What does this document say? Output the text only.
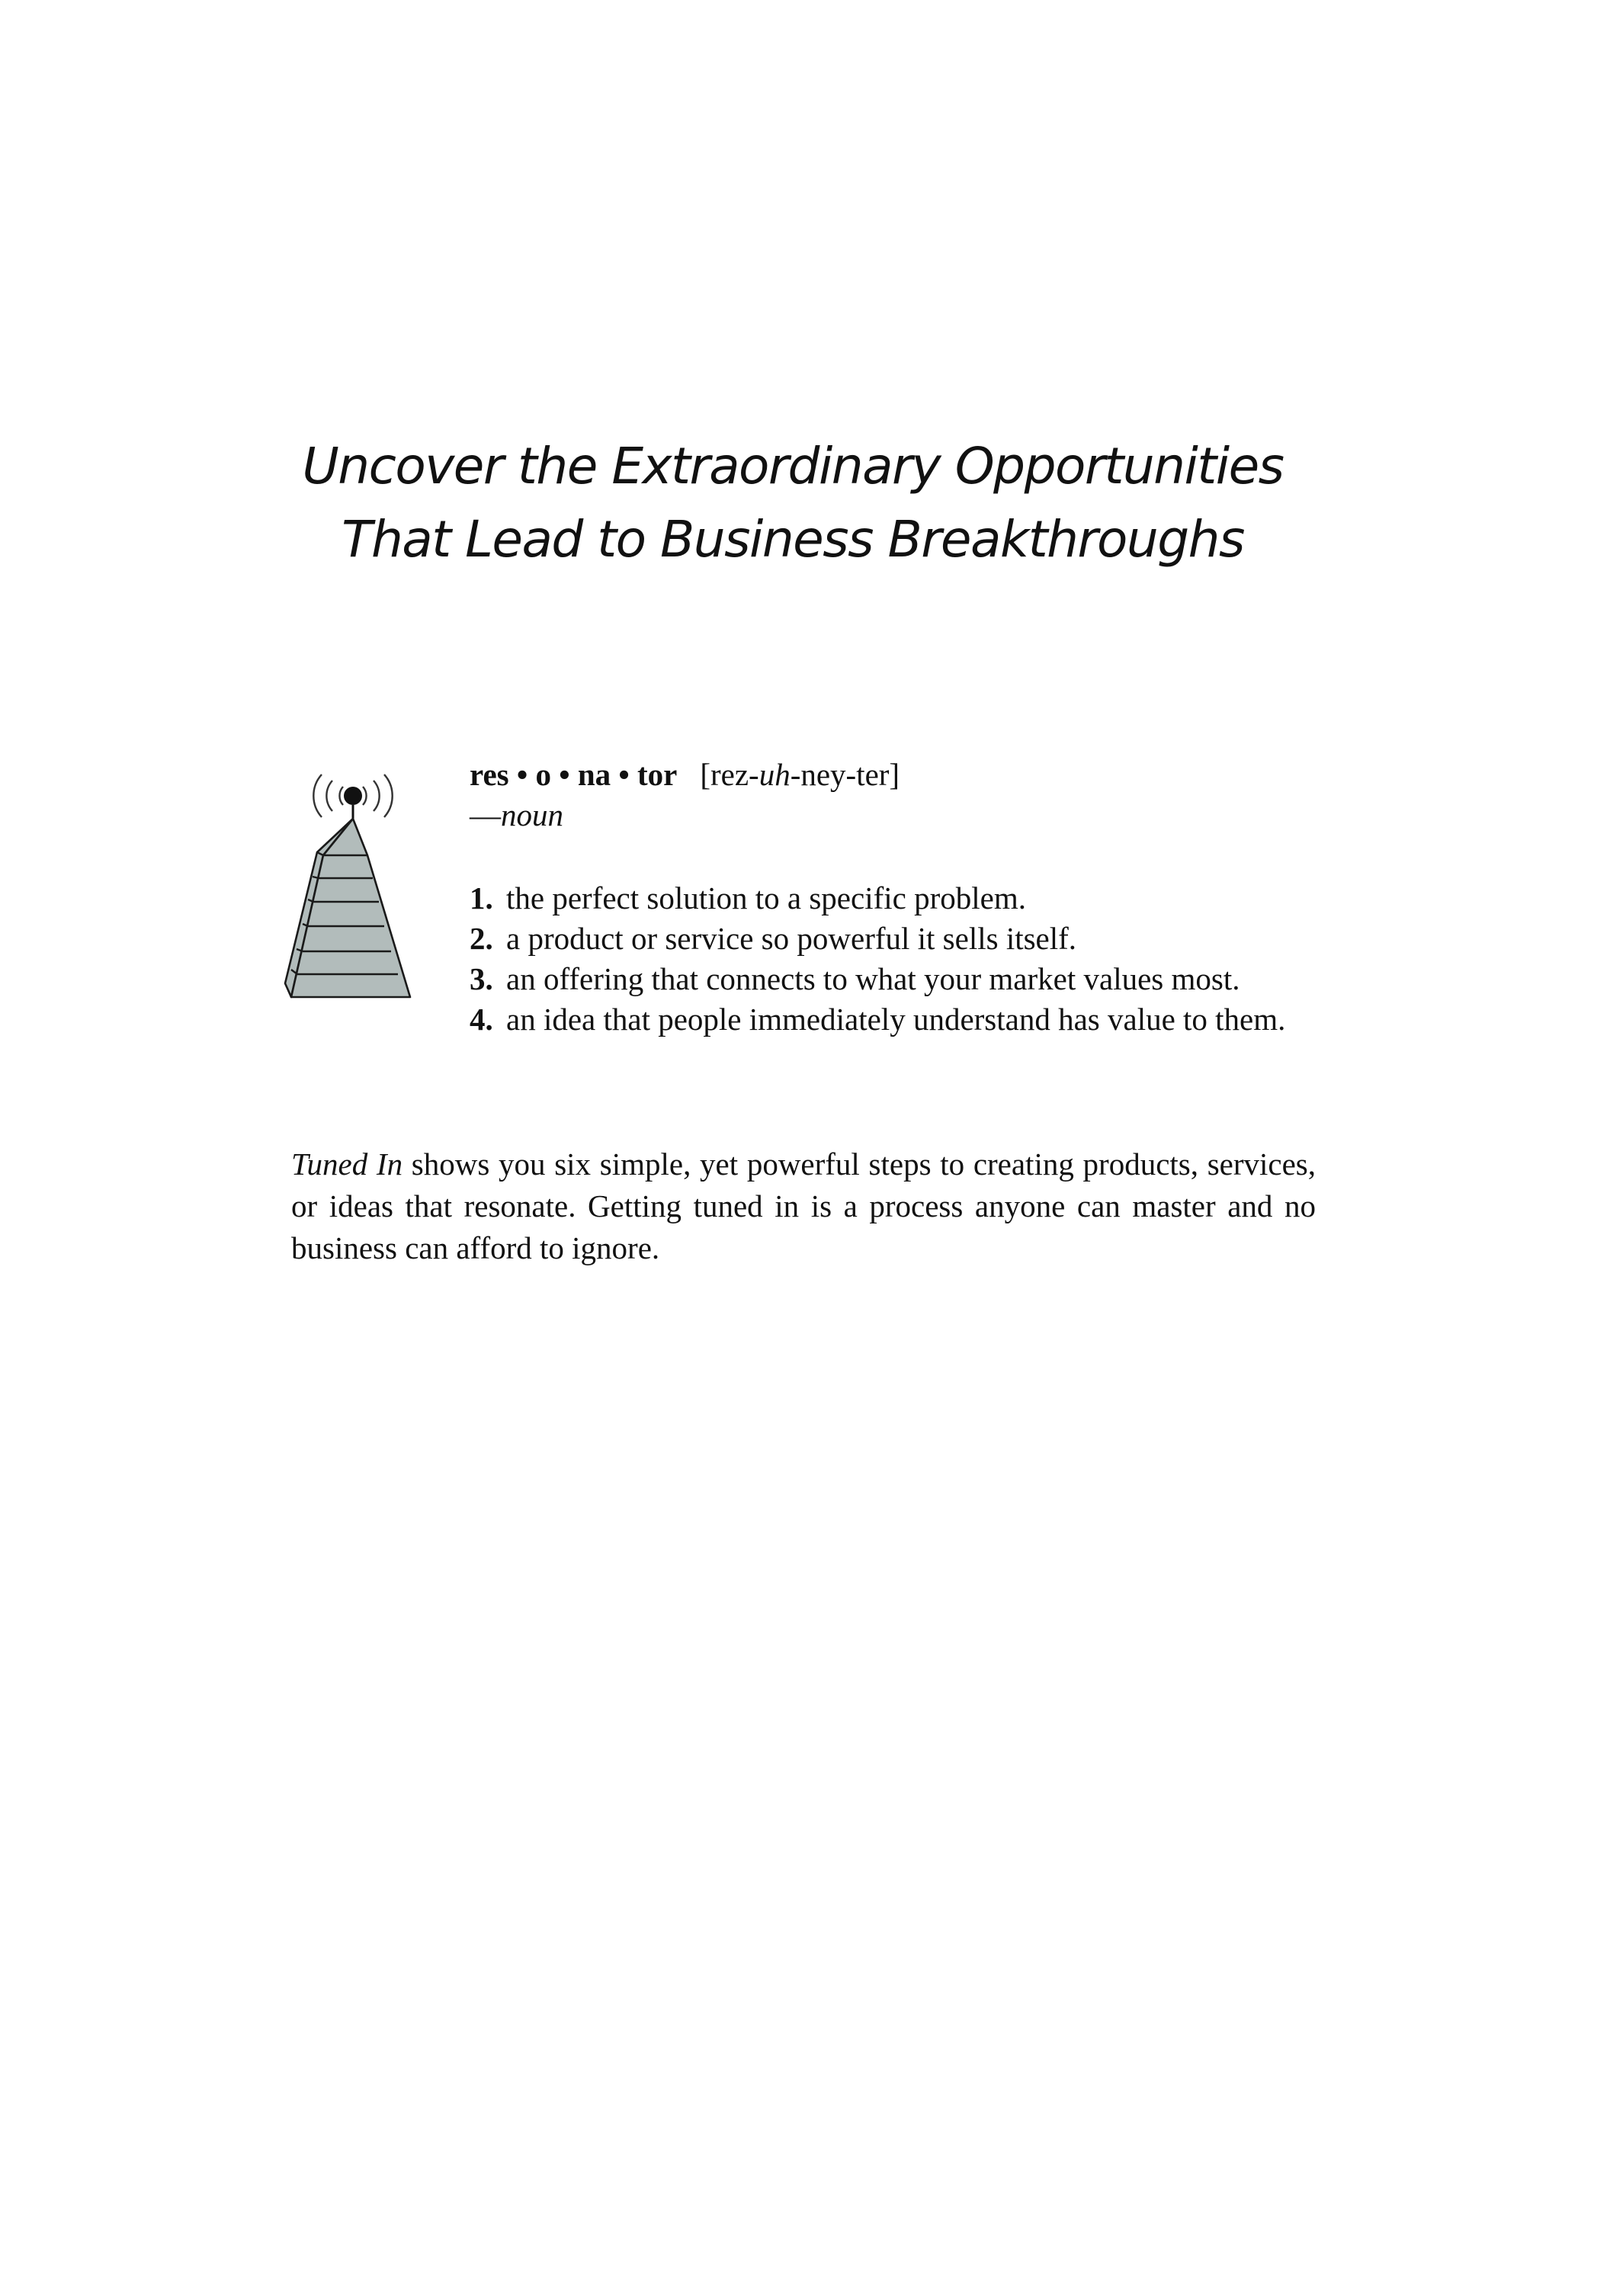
Uncover the Extraordinary Opportunities
That Lead to Business Breakthroughs
res • o • na • tor [rez-uh-ney-ter]
—noun
1. the perfect solution to a specific problem.
2. a product or service so powerful it sells itself.
3. an offering that connects to what your market values most.
4. an idea that people immediately understand has value to them.

Tuned In shows you six simple, yet powerful steps to creating products, services, or ideas that resonate. Getting tuned in is a process anyone can master and no business can afford to ignore.
